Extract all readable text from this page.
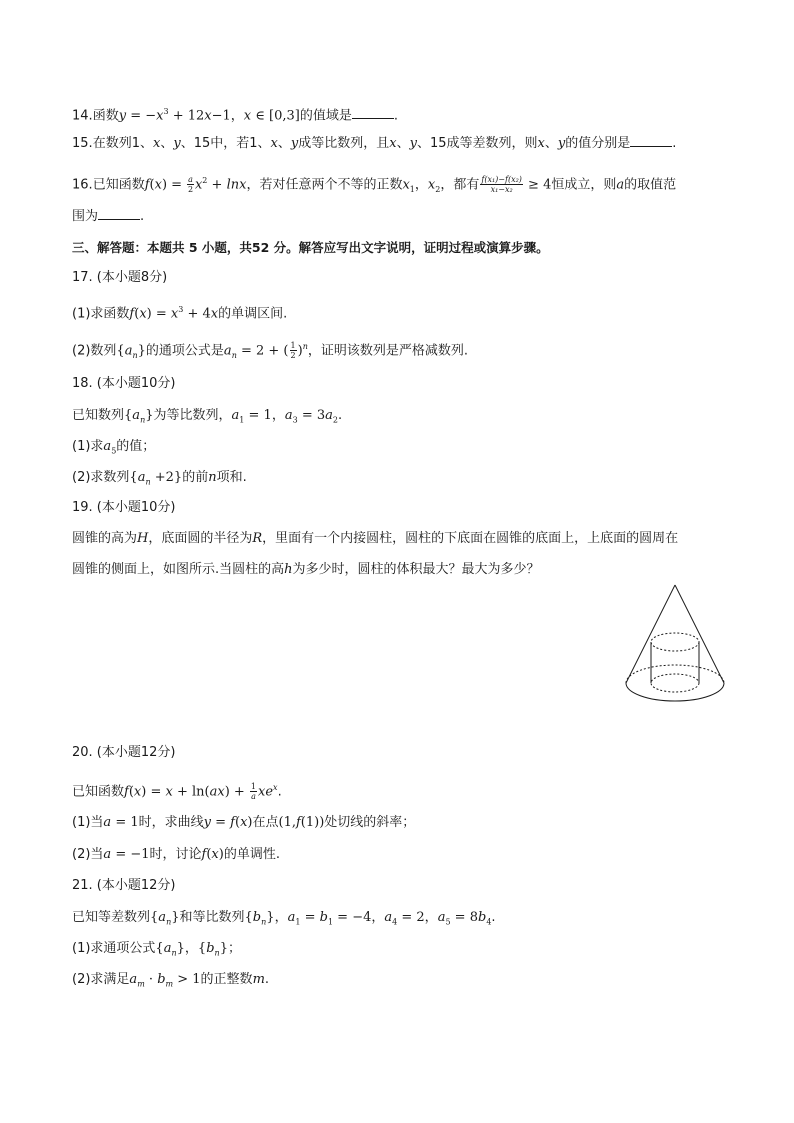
14.函数$y = -x^3 + 12x-1$，x ∈ [0,3]的值域是	.
15.在数列1、x、y、15中，若1、x、y成等比数列，且x、y、15成等差数列，则x、y的值分别是	.
16.已知函数$f(x) = \frac{a}{2} x^2 + \ln x$，若对任意两个不等的正数$x_1$，$x_2$，都有 $\frac{\text{f(x₁)−f(x₂)}}{\text{x₁−x₂}} \ge 4$恒成立，则a的取值范
围为	.
三、解答题：本题共 5 小题，共52 分。解答应写出文字说明，证明过程或演算步骤。
17. (本小题8分)
(1)求函数$f(x) = x^3 + 4x$的单调区间.
(2)数列$\{a_n\}$的通项公式是$a_n = 2$ + ( $\frac{1}{2} )^n$，证明该数列是严格减数列.
18. (本小题10分)
已知数列$\{a_n\}$为等比数列，$a_1 = 1$，$a_3 = 3a_2$.
(1)求$a_5$的值；
(2)求数列$\{a_n +2\}$的前n项和.
19. (本小题10分)
圆锥的高为H，底面圆的半径为R，里面有一个内接圆柱，圆柱的下底面在圆锥的底面上，上底面的圆周在
圆锥的侧面上，如图所示.当圆柱的高h为多少时，圆柱的体积最大？最大为多少？
20. (本小题12分)
已知函数$f(x) = x + \ln(ax) + \frac{1}{a} xe^x$.
(1)当a = 1时，求曲线y = f(x)在点(1,f(1))处切线的斜率；
(2)当a = −1时，讨论f(x)的单调性.
21. (本小题12分)
已知等差数列$\{a_n\}$和等比数列$\{b_n\}$，$a_1 = b_1 = -4$，$a_4 = 2$，$a_5 = 8b_4$.
(1)求通项公式$\{a_n\}$，$\{b_n\}$；
(2)求满足$a_m \cdot b_m > 1$的正整数m.
